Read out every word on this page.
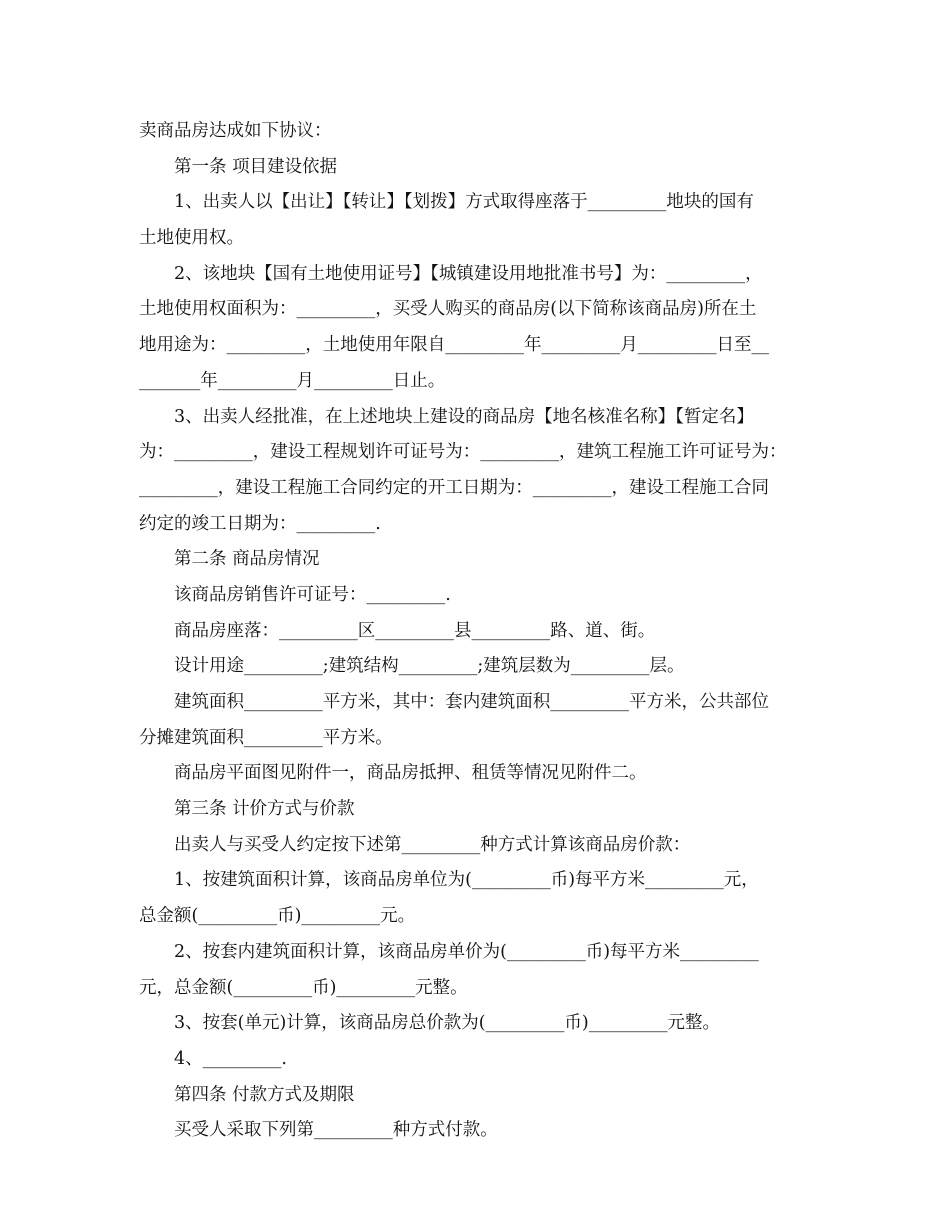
卖商品房达成如下协议：
第一条 项目建设依据
1、出卖人以【出让】【转让】【划拨】方式取得座落于_________地块的国有
土地使用权。
2、该地块【国有土地使用证号】【城镇建设用地批准书号】为：_________，
土地使用权面积为：_________，买受人购买的商品房(以下简称该商品房)所在土
地用途为：_________，土地使用年限自_________年_________月_________日至__
_______年_________月_________日止。
3、出卖人经批准，在上述地块上建设的商品房【地名核准名称】【暂定名】
为：_________，建设工程规划许可证号为：_________，建筑工程施工许可证号为：
_________，建设工程施工合同约定的开工日期为：_________，建设工程施工合同
约定的竣工日期为：_________.
第二条 商品房情况
该商品房销售许可证号：_________.
商品房座落：_________区_________县_________路、道、街。
设计用途_________;建筑结构_________;建筑层数为_________层。
建筑面积_________平方米，其中：套内建筑面积_________平方米，公共部位
分摊建筑面积_________平方米。
商品房平面图见附件一，商品房抵押、租赁等情况见附件二。
第三条 计价方式与价款
出卖人与买受人约定按下述第_________种方式计算该商品房价款：
1、按建筑面积计算，该商品房单位为(_________币)每平方米_________元，
总金额(_________币)_________元。
2、按套内建筑面积计算，该商品房单价为(_________币)每平方米_________
元，总金额(_________币)_________元整。
3、按套(单元)计算，该商品房总价款为(_________币)_________元整。
4、_________.
第四条 付款方式及期限
买受人采取下列第_________种方式付款。
